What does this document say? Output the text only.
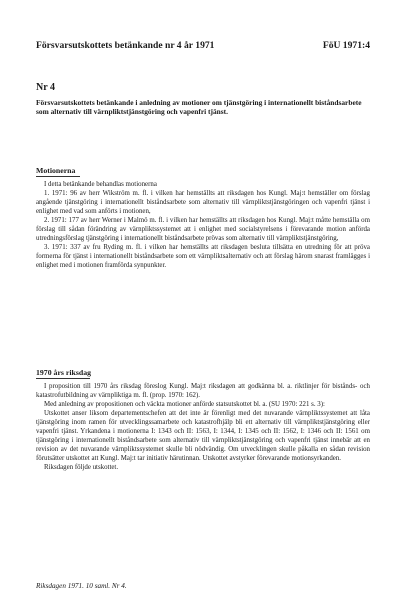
Försvarsutskottets betänkande nr 4 år 1971	FöU 1971:4
Nr 4
Försvarsutskottets betänkande i anledning av motioner om tjänstgöring i internationellt biståndsarbete som alternativ till värnpliktstjänstgöring och vapenfri tjänst.
Motionerna

I detta betänkande behandlas motionerna

1. 1971: 96 av herr Wikström m. fl. i vilken har hemställts att riksdagen hos Kungl. Maj:t hemställer om förslag angående tjänstgöring i internationellt biståndsarbete som alternativ till värnpliktstjänstgöringen och vapenfri tjänst i enlighet med vad som anförts i motionen,

2. 1971: 177 av herr Werner i Malmö m. fl. i vilken har hemställts att riksdagen hos Kungl. Maj:t måtte hemställa om förslag till sådan förändring av värnpliktssystemet att i enlighet med socialstyrelsens i förevarande motion anförda utredningsförslag tjänstgöring i internationellt biståndsarbete prövas som alternativ till värnpliktstjänstgöring,

3. 1971: 337 av fru Ryding m. fl. i vilken har hemställts att riksdagen besluta tillsätta en utredning för att pröva formerna för tjänst i internationellt biståndsarbete som ett värnpliktsalternativ och att förslag härom snarast framlägges i enlighet med i motionen framförda synpunkter.

1970 års riksdag

I proposition till 1970 års riksdag föreslog Kungl. Maj:t riksdagen att godkänna bl. a. riktlinjer för bistånds- och katastrofutbildning av värnpliktiga m. fl. (prop. 1970: 162).

Med anledning av propositionen och väckta motioner anförde statsutskottet bl. a. (SU 1970: 221 s. 3):

Utskottet anser liksom departementschefen att det inte är förenligt med det nuvarande värnpliktssystemet att låta tjänstgöring inom ramen för utvecklingssamarbete och katastrofhjälp bli ett alternativ till värnpliktstjänstgöring eller vapenfri tjänst. Yrkandena i motionerna I: 1343 och II: 1563, I: 1344, I: 1345 och II: 1562, I: 1346 och II: 1561 om tjänstgöring i internationellt biståndsarbete som alternativ till värnpliktstjänstgöring och vapenfri tjänst innebär att en revision av det nuvarande värnpliktssystemet skulle bli nödvändig. Om utvecklingen skulle påkalla en sådan revision förutsätter utskottet att Kungl. Maj:t tar initiativ härutinnan. Utskottet avstyrker förevarande motionsyrkanden.

Riksdagen följde utskottet.

Riksdagen 1971. 10 saml. Nr 4.
